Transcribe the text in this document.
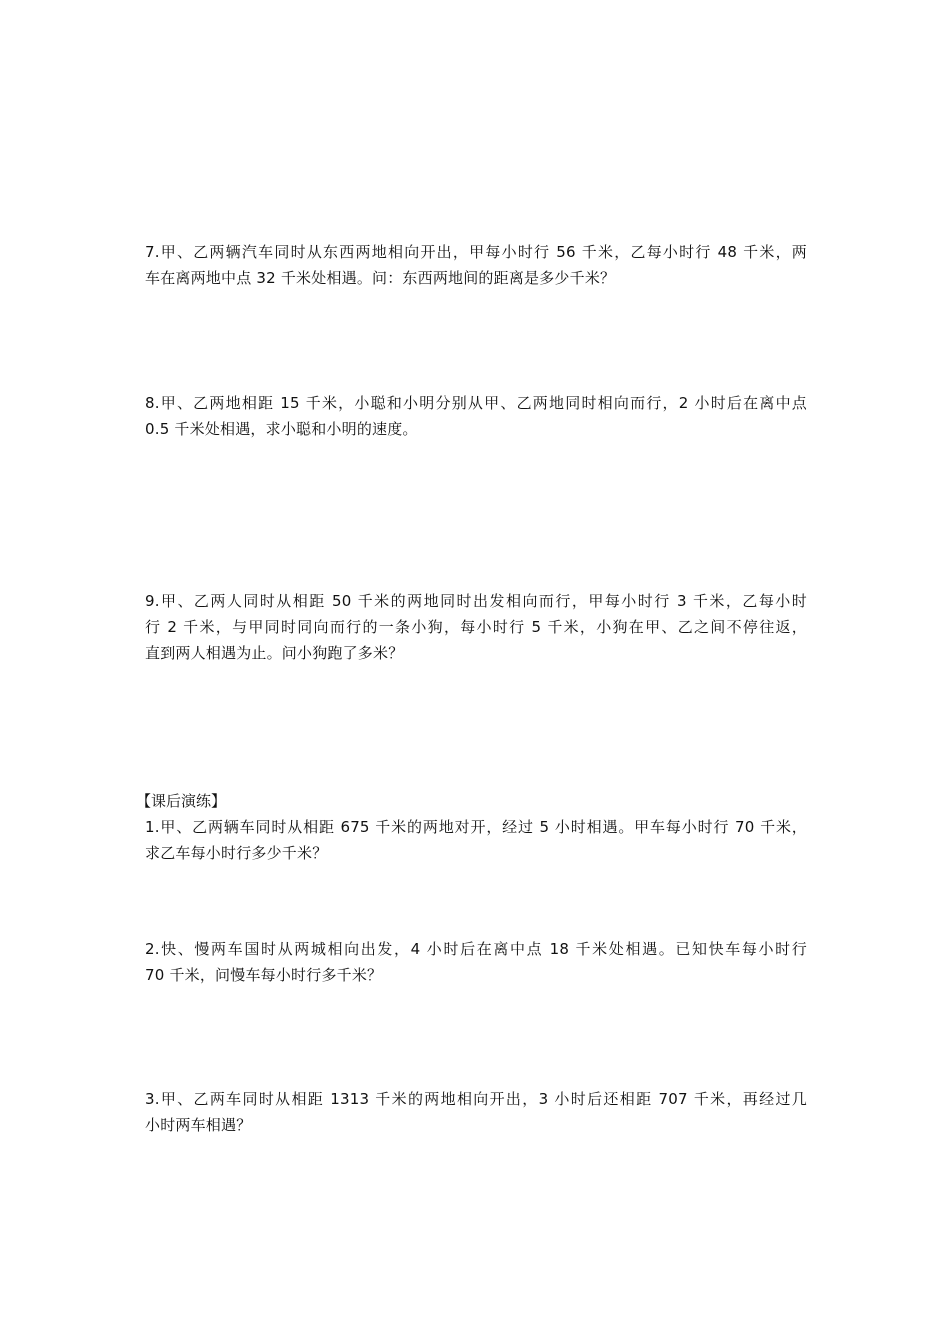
7.甲、乙两辆汽车同时从东西两地相向开出，甲每小时行 56 千米，乙每小时行 48 千米，两
车在离两地中点 32 千米处相遇。问：东西两地间的距离是多少千米？
8.甲、乙两地相距 15 千米，小聪和小明分别从甲、乙两地同时相向而行，2 小时后在离中点
0.5 千米处相遇，求小聪和小明的速度。
9.甲、乙两人同时从相距 50 千米的两地同时出发相向而行，甲每小时行 3 千米，乙每小时
行 2 千米，与甲同时同向而行的一条小狗，每小时行 5 千米，小狗在甲、乙之间不停往返，
直到两人相遇为止。问小狗跑了多米？
【课后演练】
1.甲、乙两辆车同时从相距 675 千米的两地对开，经过 5 小时相遇。甲车每小时行 70 千米，
求乙车每小时行多少千米？
2.快、慢两车国时从两城相向出发，4 小时后在离中点 18 千米处相遇。已知快车每小时行
70 千米，问慢车每小时行多千米？
3.甲、乙两车同时从相距 1313 千米的两地相向开出，3 小时后还相距 707 千米，再经过几
小时两车相遇？
